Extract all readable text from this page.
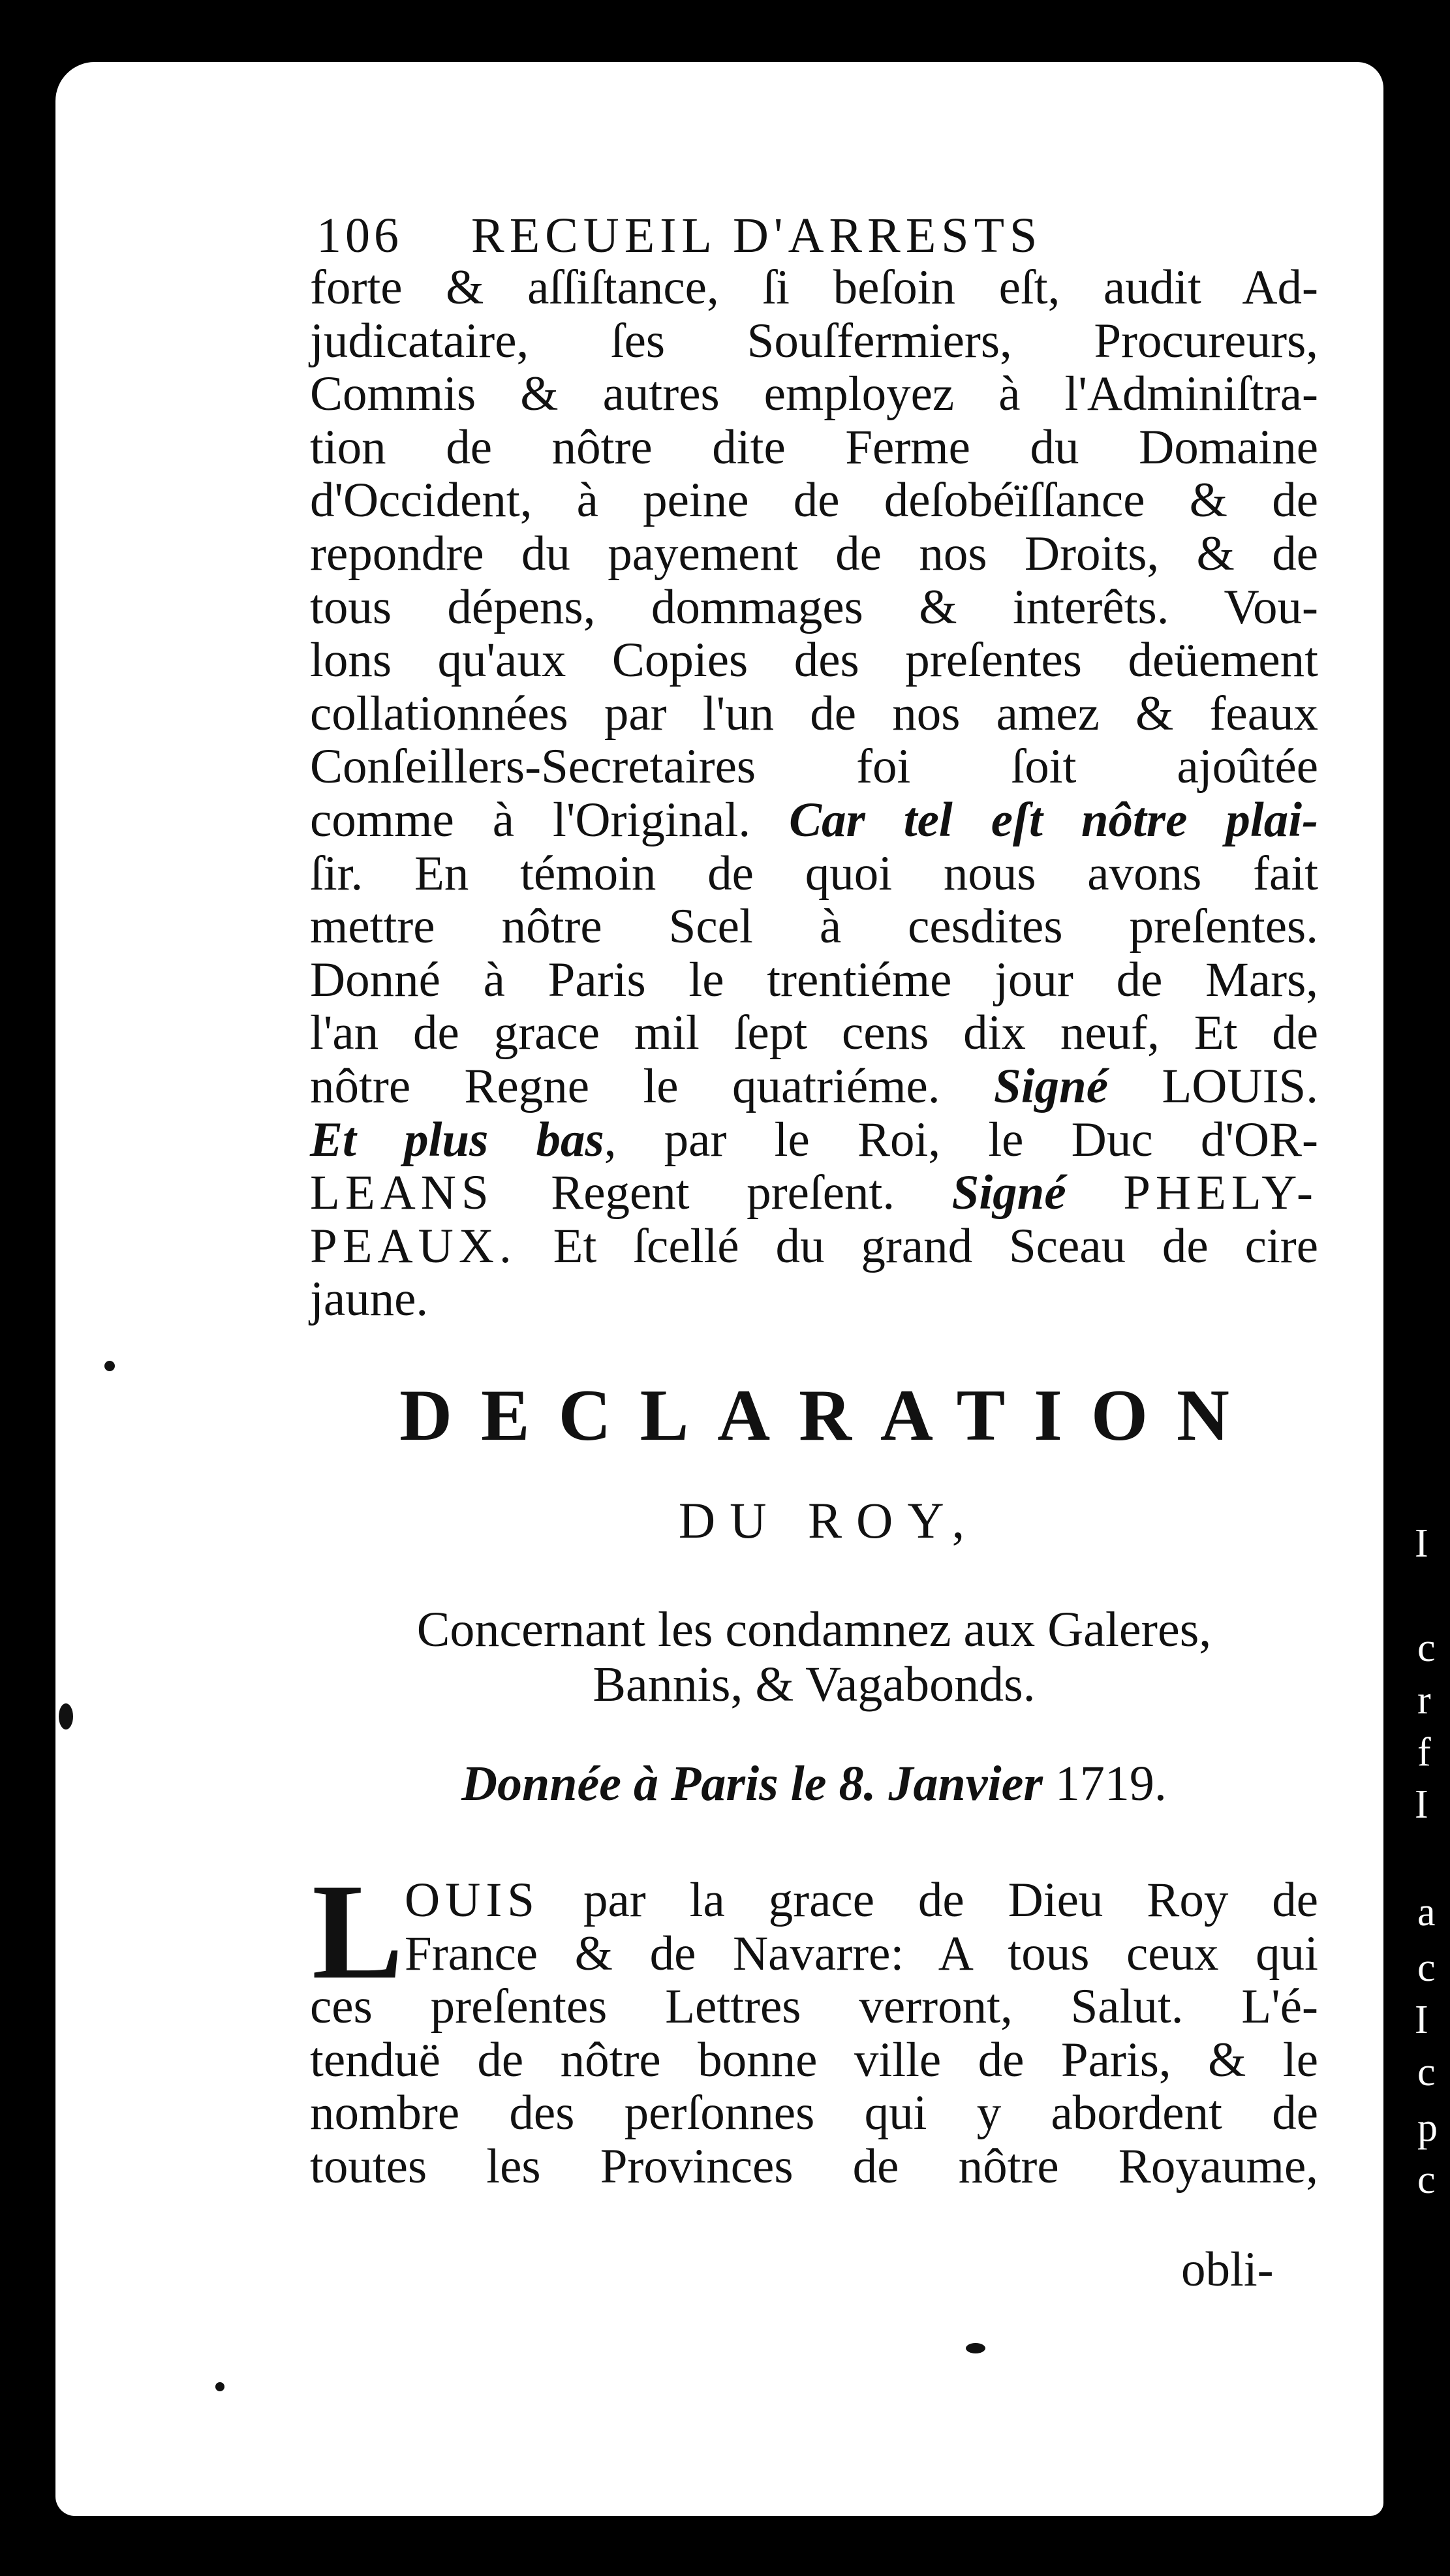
106 RECUEIL D'ARRESTS
forte & aſſiſtance, ſi beſoin eſt, audit Ad-
judicataire, ſes Souſfermiers, Procureurs,
Commis & autres employez à l'Adminiſtra-
tion de nôtre dite Ferme du Domaine
d'Occident, à peine de deſobéïſſance & de
repondre du payement de nos Droits, & de
tous dépens, dommages & interêts. Vou-
lons qu'aux Copies des preſentes deüement
collationnées par l'un de nos amez & feaux
Conſeillers-Secretaires foi ſoit ajoûtée
comme à l'Original. Car tel eſt nôtre plai-
ſir. En témoin de quoi nous avons fait
mettre nôtre Scel à cesdites preſentes.
Donné à Paris le trentiéme jour de Mars,
l'an de grace mil ſept cens dix neuf, Et de
nôtre Regne le quatriéme. Signé LOUIS.
Et plus bas, par le Roi, le Duc d'OR-
LEANS Regent preſent. Signé PHELY-
PEAUX. Et ſcellé du grand Sceau de cire
jaune.
DECLARATION
DU ROY,
Concernant les condamnez aux Galeres,
Bannis, & Vagabonds.
Donnée à Paris le 8. Janvier 1719.
L OUIS par la grace de Dieu Roy de
France & de Navarre: A tous ceux qui
ces preſentes Lettres verront, Salut. L'é-
tenduë de nôtre bonne ville de Paris, & le
nombre des perſonnes qui y abordent de
toutes les Provinces de nôtre Royaume,
obli-
I
c
r
f
I
a
c
I
c
p
c
